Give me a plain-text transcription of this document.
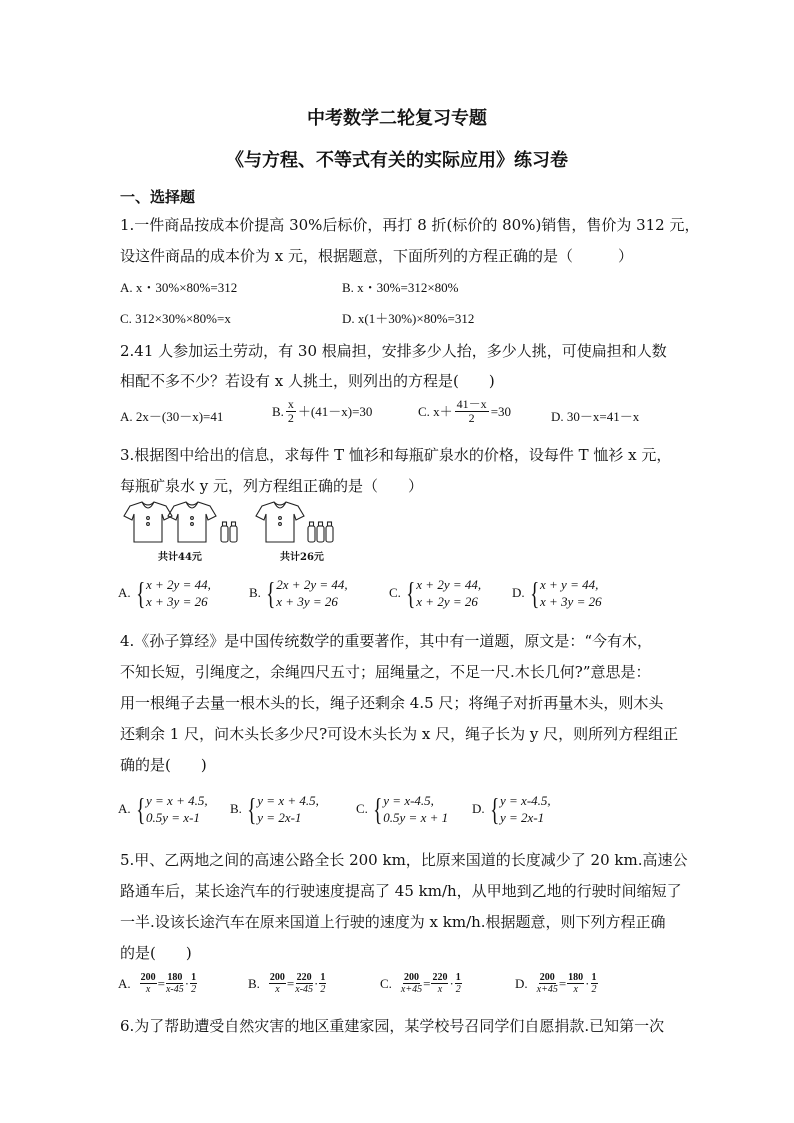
中考数学二轮复习专题
《与方程、不等式有关的实际应用》练习卷
一、选择题
1.一件商品按成本价提高 30%后标价，再打 8 折(标价的 80%)销售，售价为 312 元，
设这件商品的成本价为 x 元，根据题意，下面所列的方程正确的是（　　　）
A. x・30%×80%=312	B. x・30%=312×80%
C. 312×30%×80%=x	D. x(1＋30%)×80%=312
2.41 人参加运土劳动，有 30 根扁担，安排多少人抬，多少人挑，可使扁担和人数
相配不多不少？若设有 x 人挑土，则列出的方程是(　　)
A. 2x－(30－x)=41	B. $\frac{x}{2} +(41-x)=30$	C. $x+ \frac{41-x}{2} =30$	D. 30－x=41－x
3.根据图中给出的信息，求每件 T 恤衫和每瓶矿泉水的价格，设每件 T 恤衫 x 元，
每瓶矿泉水 y 元，列方程组正确的是（　　）
共计44元	共计26元
A. { x + 2y = 44,
x + 3y = 26
B. { 2x + 2y = 44,
x + 3y = 26
C. { x + 2y = 44,
x + 2y = 26
D. { x + y = 44,
x + 3y = 26
4.《孙子算经》是中国传统数学的重要著作，其中有一道题，原文是：“今有木，
不知长短，引绳度之，余绳四尺五寸；屈绳量之，不足一尺.木长几何?”意思是：
用一根绳子去量一根木头的长，绳子还剩余 4.5 尺；将绳子对折再量木头，则木头
还剩余 1 尺，问木头长多少尺?可设木头长为 x 尺，绳子长为 y 尺，则所列方程组正
确的是(　　)
A. { y = x + 4.5,
0.5y = x-1
B. { y = x + 4.5,
y = 2x-1
C. { y = x-4.5,
0.5y = x + 1
D. { y = x-4.5,
y = 2x-1
5.甲、乙两地之间的高速公路全长 200 km，比原来国道的长度减少了 20 km.高速公
路通车后，某长途汽车的行驶速度提高了 45 km/h，从甲地到乙地的行驶时间缩短了
一半.设该长途汽车在原来国道上行驶的速度为 x km/h.根据题意，则下列方程正确
的是(　　)
A. $\frac{200}{x} = \frac{180}{x-45} \cdot \frac{1}{2}$	B. $\frac{200}{x} = \frac{220}{x-45} \cdot \frac{1}{2}$	C. $\frac{200}{x+45} = \frac{220}{x} \cdot \frac{1}{2}$	D. $\frac{200}{x+45} = \frac{180}{x} \cdot \frac{1}{2}$
6.为了帮助遭受自然灾害的地区重建家园，某学校号召同学们自愿捐款.已知第一次
